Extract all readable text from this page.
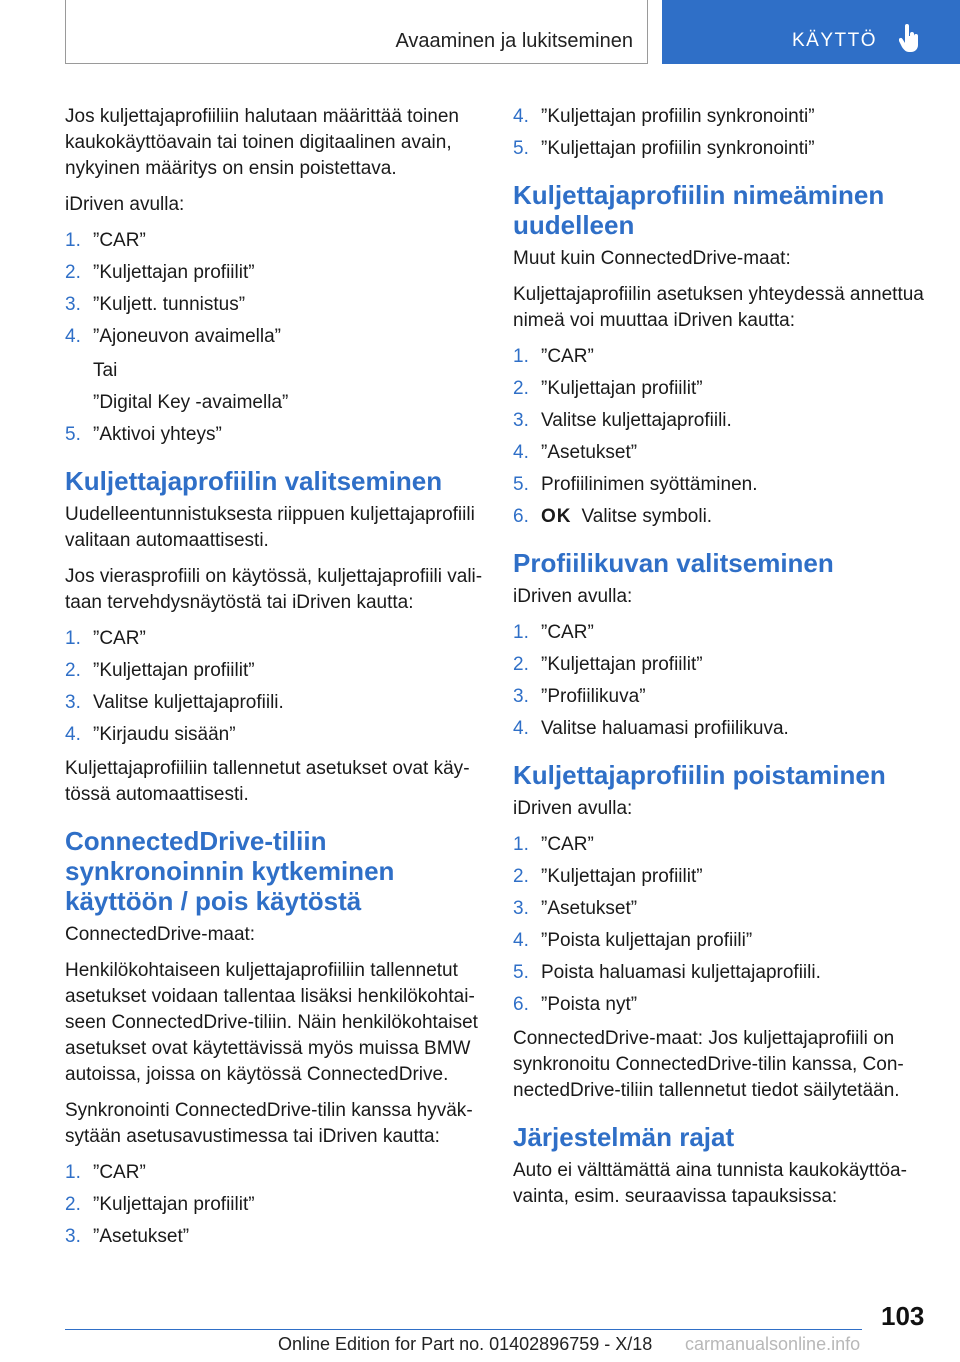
Avaaminen ja lukitseminen	KÄYTTÖ

Jos kuljettajaprofiiliin halutaan määrittää toinen kaukokäyttöavain tai toinen digitaalinen avain, nykyinen määritys on ensin poistettava.

iDriven avulla:

1. ”CAR”
2. ”Kuljettajan profiilit”
3. ”Kuljett. tunnistus”
4. ”Ajoneuvon avaimella”
Tai
”Digital Key -avaimella”
5. ”Aktivoi yhteys”
Kuljettajaprofiilin valitseminen

Uudelleentunnistuksesta riippuen kuljettajaprofiili valitaan automaattisesti.

Jos vierasprofiili on käytössä, kuljettajaprofiili valitaan tervehdysnäytöstä tai iDriven kautta:

1. ”CAR”
2. ”Kuljettajan profiilit”
3. Valitse kuljettajaprofiili.
4. ”Kirjaudu sisään”

Kuljettajaprofiiliin tallennetut asetukset ovat käytössä automaattisesti.

ConnectedDrive-tiliin synkronoinnin kytkeminen käyttöön / pois käytöstä

ConnectedDrive-maat:

Henkilökohtaiseen kuljettajaprofiiliin tallennetut asetukset voidaan tallentaa lisäksi henkilökohtaiseen ConnectedDrive-tiliin. Näin henkilökohtaiset asetukset ovat käytettävissä myös muissa BMW autoissa, joissa on käytössä ConnectedDrive.

Synkronointi ConnectedDrive-tilin kanssa hyväksytään asetusavustimessa tai iDriven kautta:

1. ”CAR”
2. ”Kuljettajan profiilit”
3. ”Asetukset”
4. ”Kuljettajan profiilin synkronointi”
5. ”Kuljettajan profiilin synkronointi”
Kuljettajaprofiilin nimeäminen uudelleen

Muut kuin ConnectedDrive-maat:

Kuljettajaprofiilin asetuksen yhteydessä annettua nimeä voi muuttaa iDriven kautta:

1. ”CAR”
2. ”Kuljettajan profiilit”
3. Valitse kuljettajaprofiili.
4. ”Asetukset”
5. Profiilinimen syöttäminen.
6. OK Valitse symboli.
Profiilikuvan valitseminen

iDriven avulla:

1. ”CAR”
2. ”Kuljettajan profiilit”
3. ”Profiilikuva”
4. Valitse haluamasi profiilikuva.
Kuljettajaprofiilin poistaminen

iDriven avulla:

1. ”CAR”
2. ”Kuljettajan profiilit”
3. ”Asetukset”
4. ”Poista kuljettajan profiili”
5. Poista haluamasi kuljettajaprofiili.
6. ”Poista nyt”

ConnectedDrive-maat: Jos kuljettajaprofiili on synkronoitu ConnectedDrive-tilin kanssa, ConnectedDrive-tiliin tallennetut tiedot säilytetään.

Järjestelmän rajat

Auto ei välttämättä aina tunnista kaukokäyttöavainta, esim. seuraavissa tapauksissa:

103
Online Edition for Part no. 01402896759 - X/18 carmanualsonline.info
